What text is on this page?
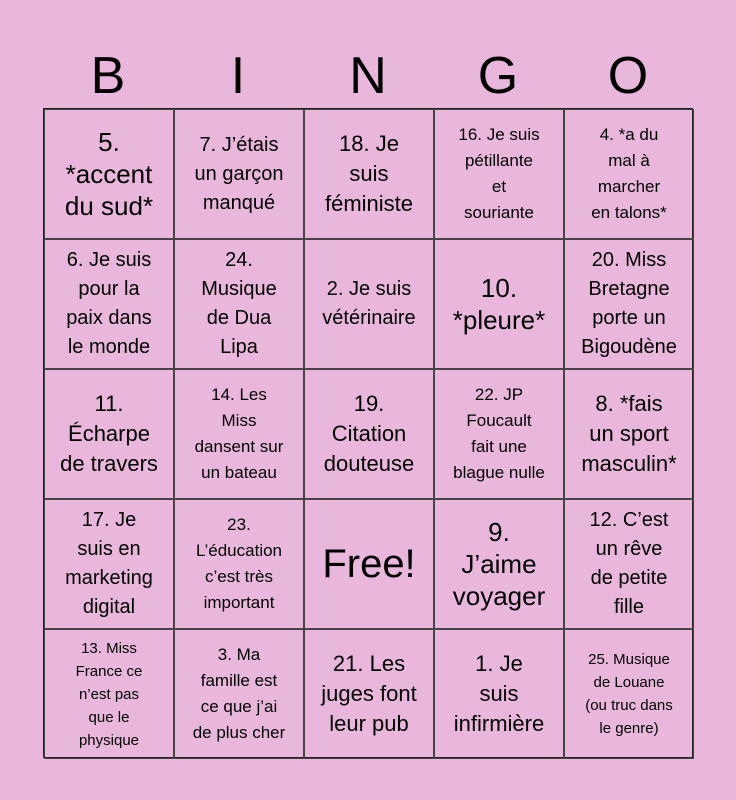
B	I	N	G	O
5.
*accent
du sud*
7. J’étais
un garçon
manqué
18. Je
suis
féministe
16. Je suis
pétillante
et
souriante
4. *a du
mal à
marcher
en talons*
6. Je suis
pour la
paix dans
le monde
24.
Musique
de Dua
Lipa
2. Je suis
vétérinaire
10.
*pleure*
20. Miss
Bretagne
porte un
Bigoudène
11.
Écharpe
de travers
14. Les
Miss
dansent sur
un bateau
19.
Citation
douteuse
22. JP
Foucault
fait une
blague nulle
8. *fais
un sport
masculin*
17. Je
suis en
marketing
digital
23.
L’éducation
c’est très
important
Free!
9.
J’aime
voyager
12. C’est
un rêve
de petite
fille
13. Miss
France ce
n’est pas
que le
physique
3. Ma
famille est
ce que j’ai
de plus cher
21. Les
juges font
leur pub
1. Je
suis
infirmière
25. Musique
de Louane
(ou truc dans
le genre)
